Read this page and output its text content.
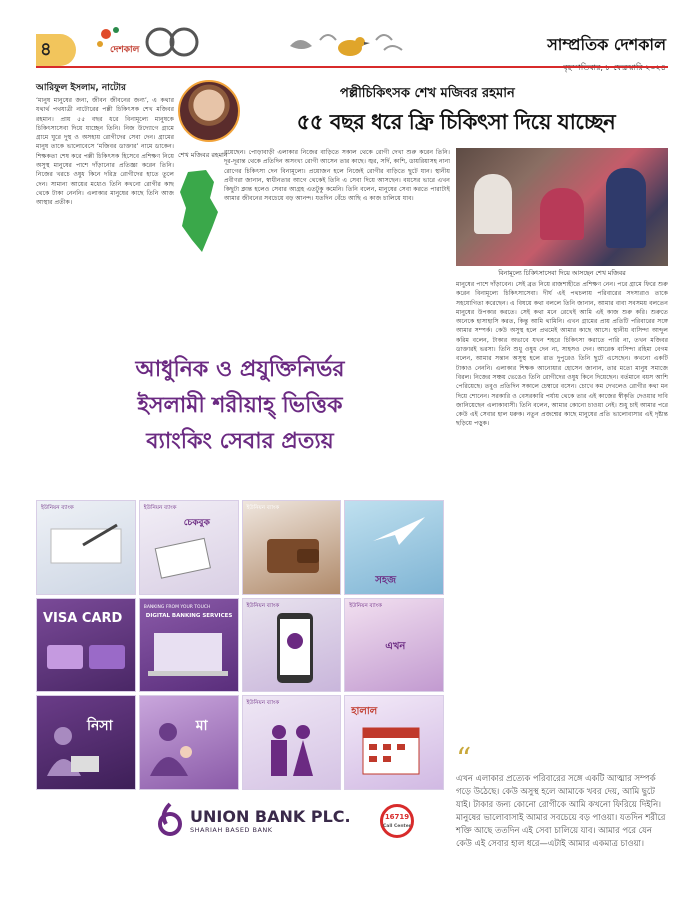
৪	দেশকাল	সাম্প্রতিক দেশকাল
আরিফুল ইসলাম, নাটোর
‘মানুষ মানুষের জন্য, জীবন জীবনের জন্য’, এ কথার যথার্থ পথযাত্রী নাটোরের পল্লী চিকিৎসক শেখ মজিবর রহমান। প্রায় ৫৫ বছর ধরে বিনামূল্যে মানুষকে চিকিৎসাসেবা দিয়ে যাচ্ছেন তিনি। নিজ উদ্যোগে গ্রামে গ্রামে ঘুরে দুস্থ ও অসহায় রোগীদের সেবা দেন। গ্রামের মানুষ তাকে ভালোবেসে ‘মজিবর ডাক্তার’ নামে ডাকেন। শিক্ষকতা শেষ করে পল্লী চিকিৎসক হিসেবে প্রশিক্ষণ নিয়ে অসুস্থ মানুষের পাশে দাঁড়ানোর প্রতিজ্ঞা করেন তিনি। নিজের খরচে ওষুধ কিনে দরিদ্র রোগীদের হাতে তুলে দেন। সামান্য আয়ের মধ্যেও তিনি কখনো রোগীর কাছ থেকে টাকা নেননি। এলাকার মানুষের কাছে তিনি আজ আস্থার প্রতীক।
শেখ মজিবর রহমান
পল্লীচিকিৎসক শেখ মজিবর রহমান
৫৫ বছর ধরে ফ্রি চিকিৎসা দিয়ে যাচ্ছেন
রয়েছেন। পোড়াবাড়ী এলাকার নিজের বাড়িতে সকাল থেকে রোগী দেখা শুরু করেন তিনি। দূর-দূরান্ত থেকে প্রতিদিন অসংখ্য রোগী আসেন তার কাছে। জ্বর, সর্দি, কাশি, ডায়রিয়াসহ নানা রোগের চিকিৎসা দেন বিনামূল্যে। প্রয়োজন হলে নিজেই রোগীর বাড়িতে ছুটে যান। স্থানীয় প্রবীণরা জানান, স্বাধীনতার আগে থেকেই তিনি এ সেবা দিয়ে আসছেন। বয়সের ভারে এখন কিছুটা ক্লান্ত হলেও সেবার আগ্রহ এতটুকু কমেনি। তিনি বলেন, মানুষের সেবা করতে পারাটাই আমার জীবনের সবচেয়ে বড় আনন্দ। যতদিন বেঁচে আছি এ কাজ চালিয়ে যাব।
বিনামূল্যে চিকিৎসাসেবা দিয়ে আসছেন শেখ মজিবর
মানুষের পাশে দাঁড়াবেন। সেই ব্রত নিয়ে রাজশাহীতে প্রশিক্ষণ নেন। পরে গ্রামে ফিরে শুরু করেন বিনামূল্যে চিকিৎসাসেবা। দীর্ঘ এই পথচলায় পরিবারের সদস্যরাও তাকে সহযোগিতা করেছেন। এ বিষয়ে কথা বললে তিনি জানান, আমার বাবা সবসময় বলতেন মানুষের উপকার করতে। সেই কথা মনে রেখেই আমি এই কাজ শুরু করি। শুরুতে অনেকে হাসাহাসি করত, কিন্তু আমি থামিনি। এখন গ্রামের প্রায় প্রতিটি পরিবারের সঙ্গে আমার সম্পর্ক। কেউ অসুস্থ হলে প্রথমেই আমার কাছে আসে। স্থানীয় বাসিন্দা আব্দুল করিম বলেন, টাকার অভাবে যখন শহরে চিকিৎসা করাতে পারি না, তখন মজিবর ডাক্তারই ভরসা। তিনি শুধু ওষুধ দেন না, সাহসও দেন। আরেক বাসিন্দা রহিমা বেগম বলেন, আমার সন্তান অসুস্থ হলে রাত দুপুরেও তিনি ছুটে এসেছেন। কখনো একটি টাকাও নেননি। এলাকার শিক্ষক আনোয়ার হোসেন জানান, তার মতো মানুষ সমাজে বিরল। নিজের সঞ্চয় ভেঙেও তিনি রোগীদের ওষুধ কিনে দিয়েছেন। বর্তমানে বয়স আশি পেরিয়েছে। তবুও প্রতিদিন সকালে চেম্বারে বসেন। চোখে কম দেখলেও রোগীর কথা মন দিয়ে শোনেন। সরকারি ও বেসরকারি পর্যায় থেকে তার এই কাজের স্বীকৃতি দেওয়ার দাবি জানিয়েছেন এলাকাবাসী। তিনি বলেন, আমার কোনো চাওয়া নেই। শুধু চাই আমার পরে কেউ এই সেবার হাল ধরুক। নতুন প্রজন্মের কাছে মানুষের প্রতি ভালোবাসার এই দৃষ্টান্ত ছড়িয়ে পড়ুক।
আধুনিক ও প্রযুক্তিনির্ভর
ইসলামী শরীয়াহ্ ভিত্তিক
ব্যাংকিং সেবার প্রত্যয়
ইউনিয়ন ব্যাংক	ইউনিয়ন ব্যাংক
চেকবুক
ইউনিয়ন ব্যাংক
সহজ
VISA CARD
BANKING FROM YOUR TOUCH
DIGITAL BANKING SERVICES
ইউনিয়ন ব্যাংক	ইউনিয়ন ব্যাংক
এখন
নিসা	মা
ইউনিয়ন ব্যাংক
হালাল
UNION BANK PLC.
SHARIAH BASED BANK
16719
Call Center
“
এখন এলাকার প্রত্যেক পরিবারের সঙ্গে একটি আত্মার সম্পর্ক গড়ে উঠেছে। কেউ অসুস্থ হলে আমাকে খবর দেয়, আমি ছুটে যাই। টাকার জন্য কোনো রোগীকে আমি কখনো ফিরিয়ে দিইনি। মানুষের ভালোবাসাই আমার সবচেয়ে বড় পাওয়া। যতদিন শরীরে শক্তি আছে ততদিন এই সেবা চালিয়ে যাব। আমার পরে যেন কেউ এই সেবার হাল ধরে—এটাই আমার একমাত্র চাওয়া।
